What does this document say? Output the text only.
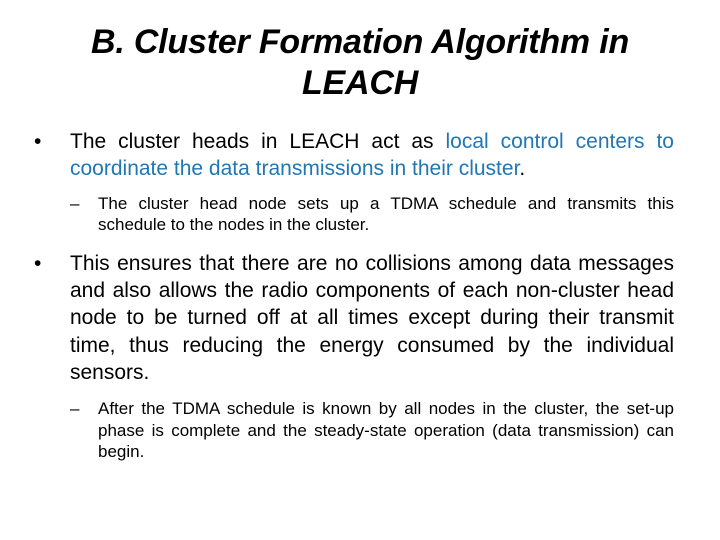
B. Cluster Formation Algorithm in LEACH

•	The cluster heads in LEACH act as local control centers to coordinate the data transmissions in their cluster.

–	The cluster head node sets up a TDMA schedule and transmits this schedule to the nodes in the cluster.

•	This ensures that there are no collisions among data messages and also allows the radio components of each non-cluster head node to be turned off at all times except during their transmit time, thus reducing the energy consumed by the individual sensors.

–	After the TDMA schedule is known by all nodes in the cluster, the set-up phase is complete and the steady-state operation (data transmission) can begin.
